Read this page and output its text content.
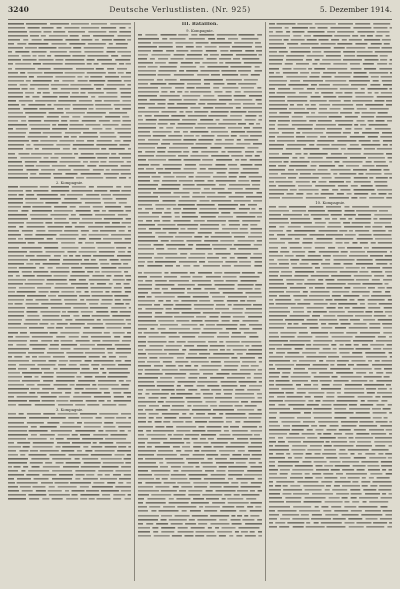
3240	Deutsche Verlustlisten. (Nr. 925)	5. Dezember 1914.
2. Kompagnie.
3. Kompagnie.
III. Bataillon.
9. Kompagnie.
10. Kompagnie.
